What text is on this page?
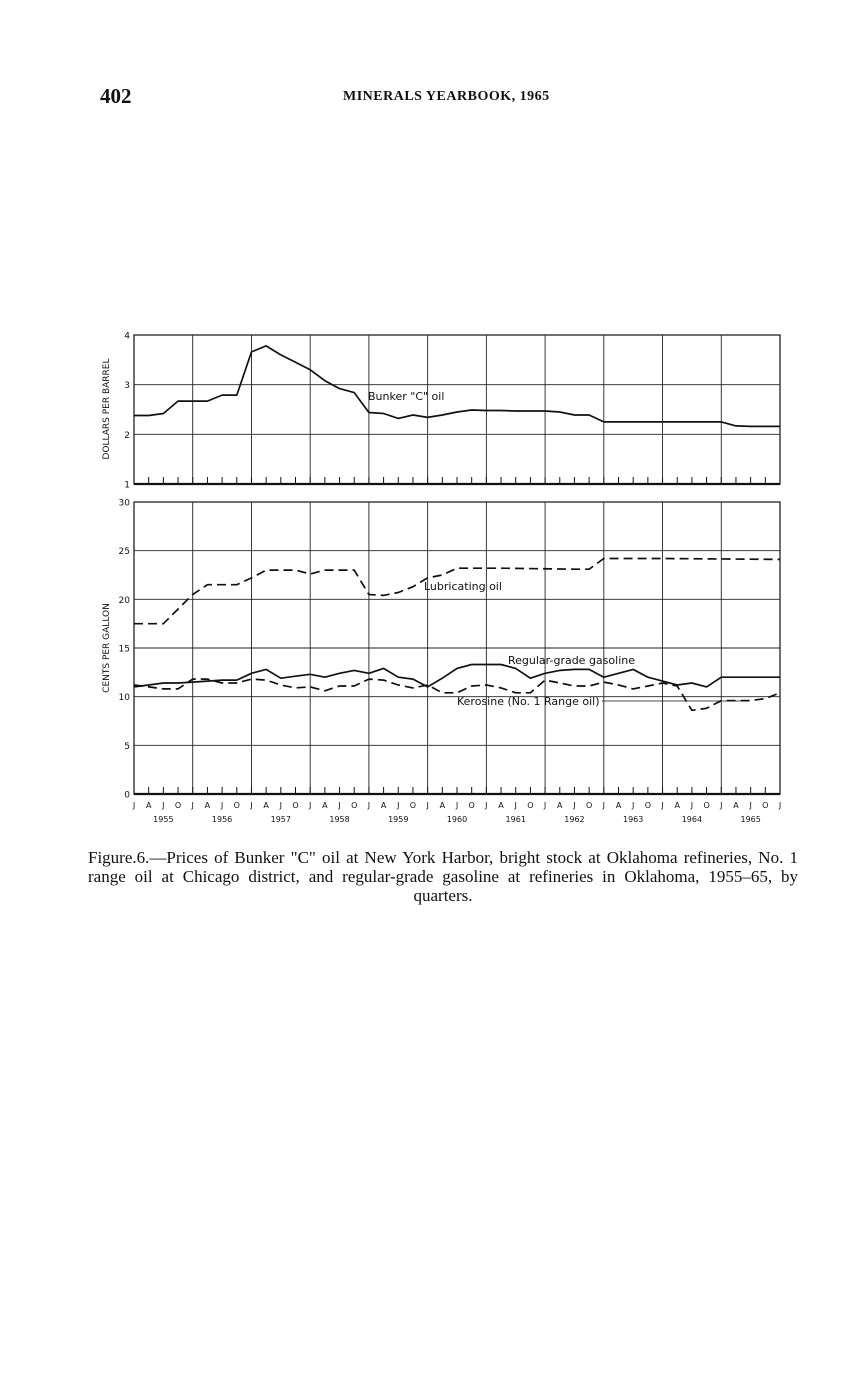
402	MINERALS YEARBOOK, 1965
1
2
3
4
DOLLARS PER BARREL	Bunker "C" oil
0
5
10
15
20
25
30
CENTS PER GALLON
Lubricating oil
Regular-grade gasoline
Kerosine (No. 1 Range oil)
J A J O J A J O J A J O J A J O J A J O J A J O J A J O J A J O J A J O J A J O J A J O J
1955	1956	1957	1958	1959	1960	1961	1962	1963	1964	1965
Figure.6.—Prices of Bunker "C" oil at New York Harbor, bright stock at Oklahoma refineries, No. 1 range oil at Chicago district, and regular-grade gasoline at refineries in Oklahoma, 1955–65, by quarters.
